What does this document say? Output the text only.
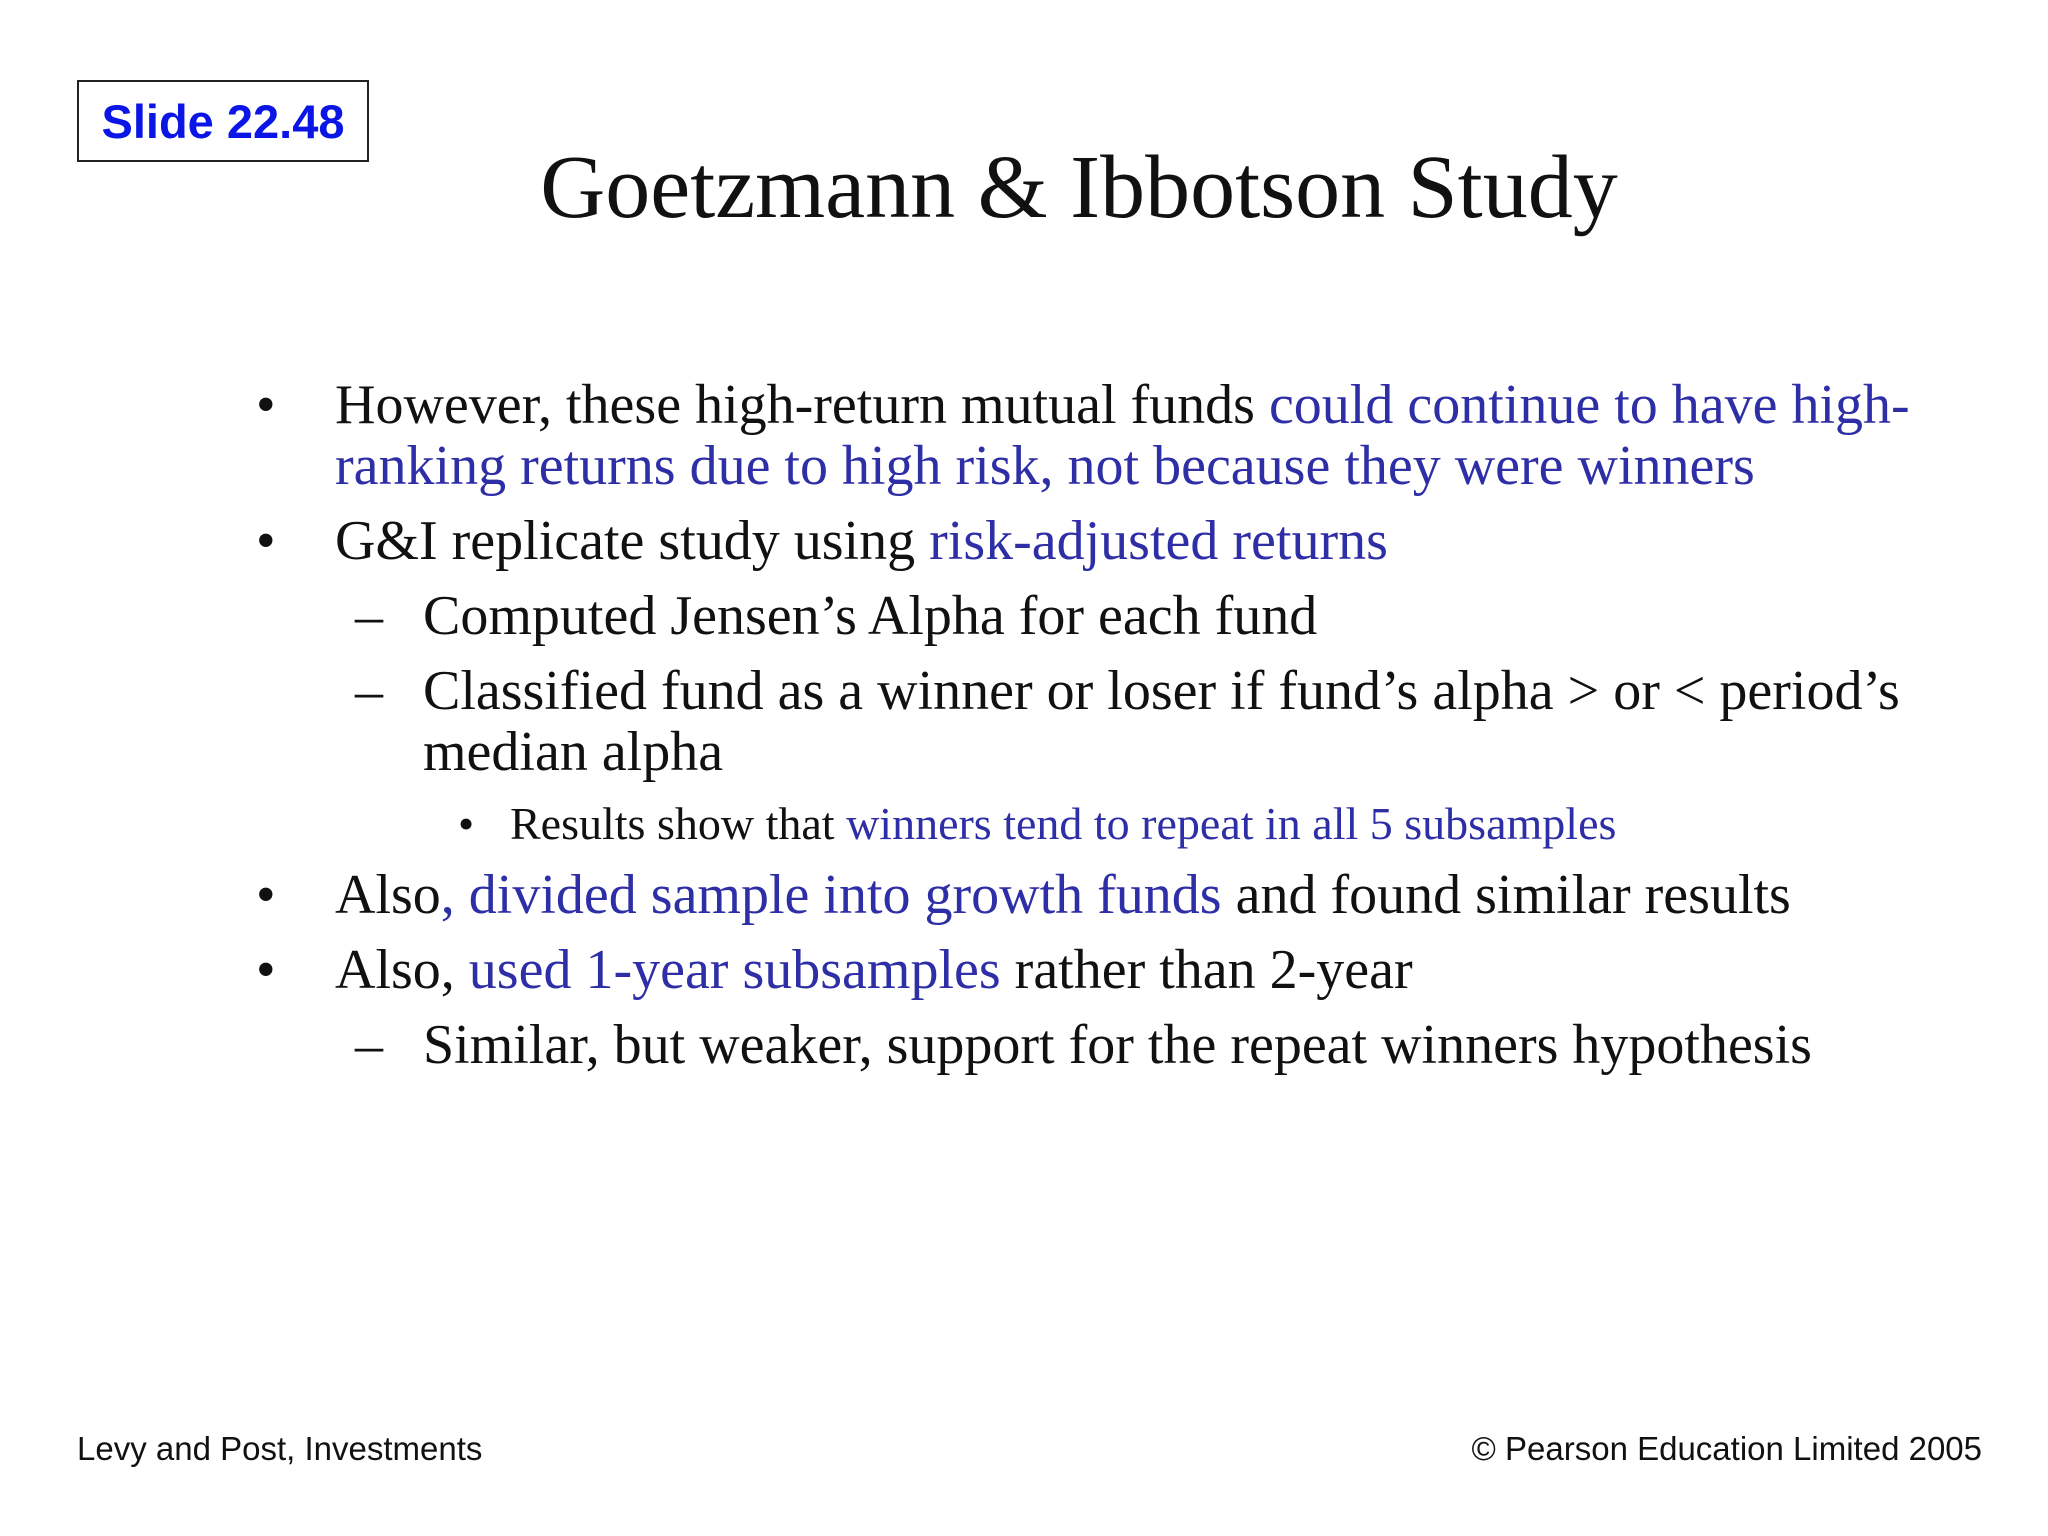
Slide 22.48
Goetzmann & Ibbotson Study
•	However, these high-return mutual funds could continue to have high-ranking returns due to high risk, not because they were winners
•	G&I replicate study using risk-adjusted returns
– Computed Jensen’s Alpha for each fund
– Classified fund as a winner or loser if fund’s alpha > or < period’s median alpha
• Results show that winners tend to repeat in all 5 subsamples
•	Also, divided sample into growth funds and found similar results
•	Also, used 1-year subsamples rather than 2-year
– Similar, but weaker, support for the repeat winners hypothesis
Levy and Post, Investments	© Pearson Education Limited 2005
